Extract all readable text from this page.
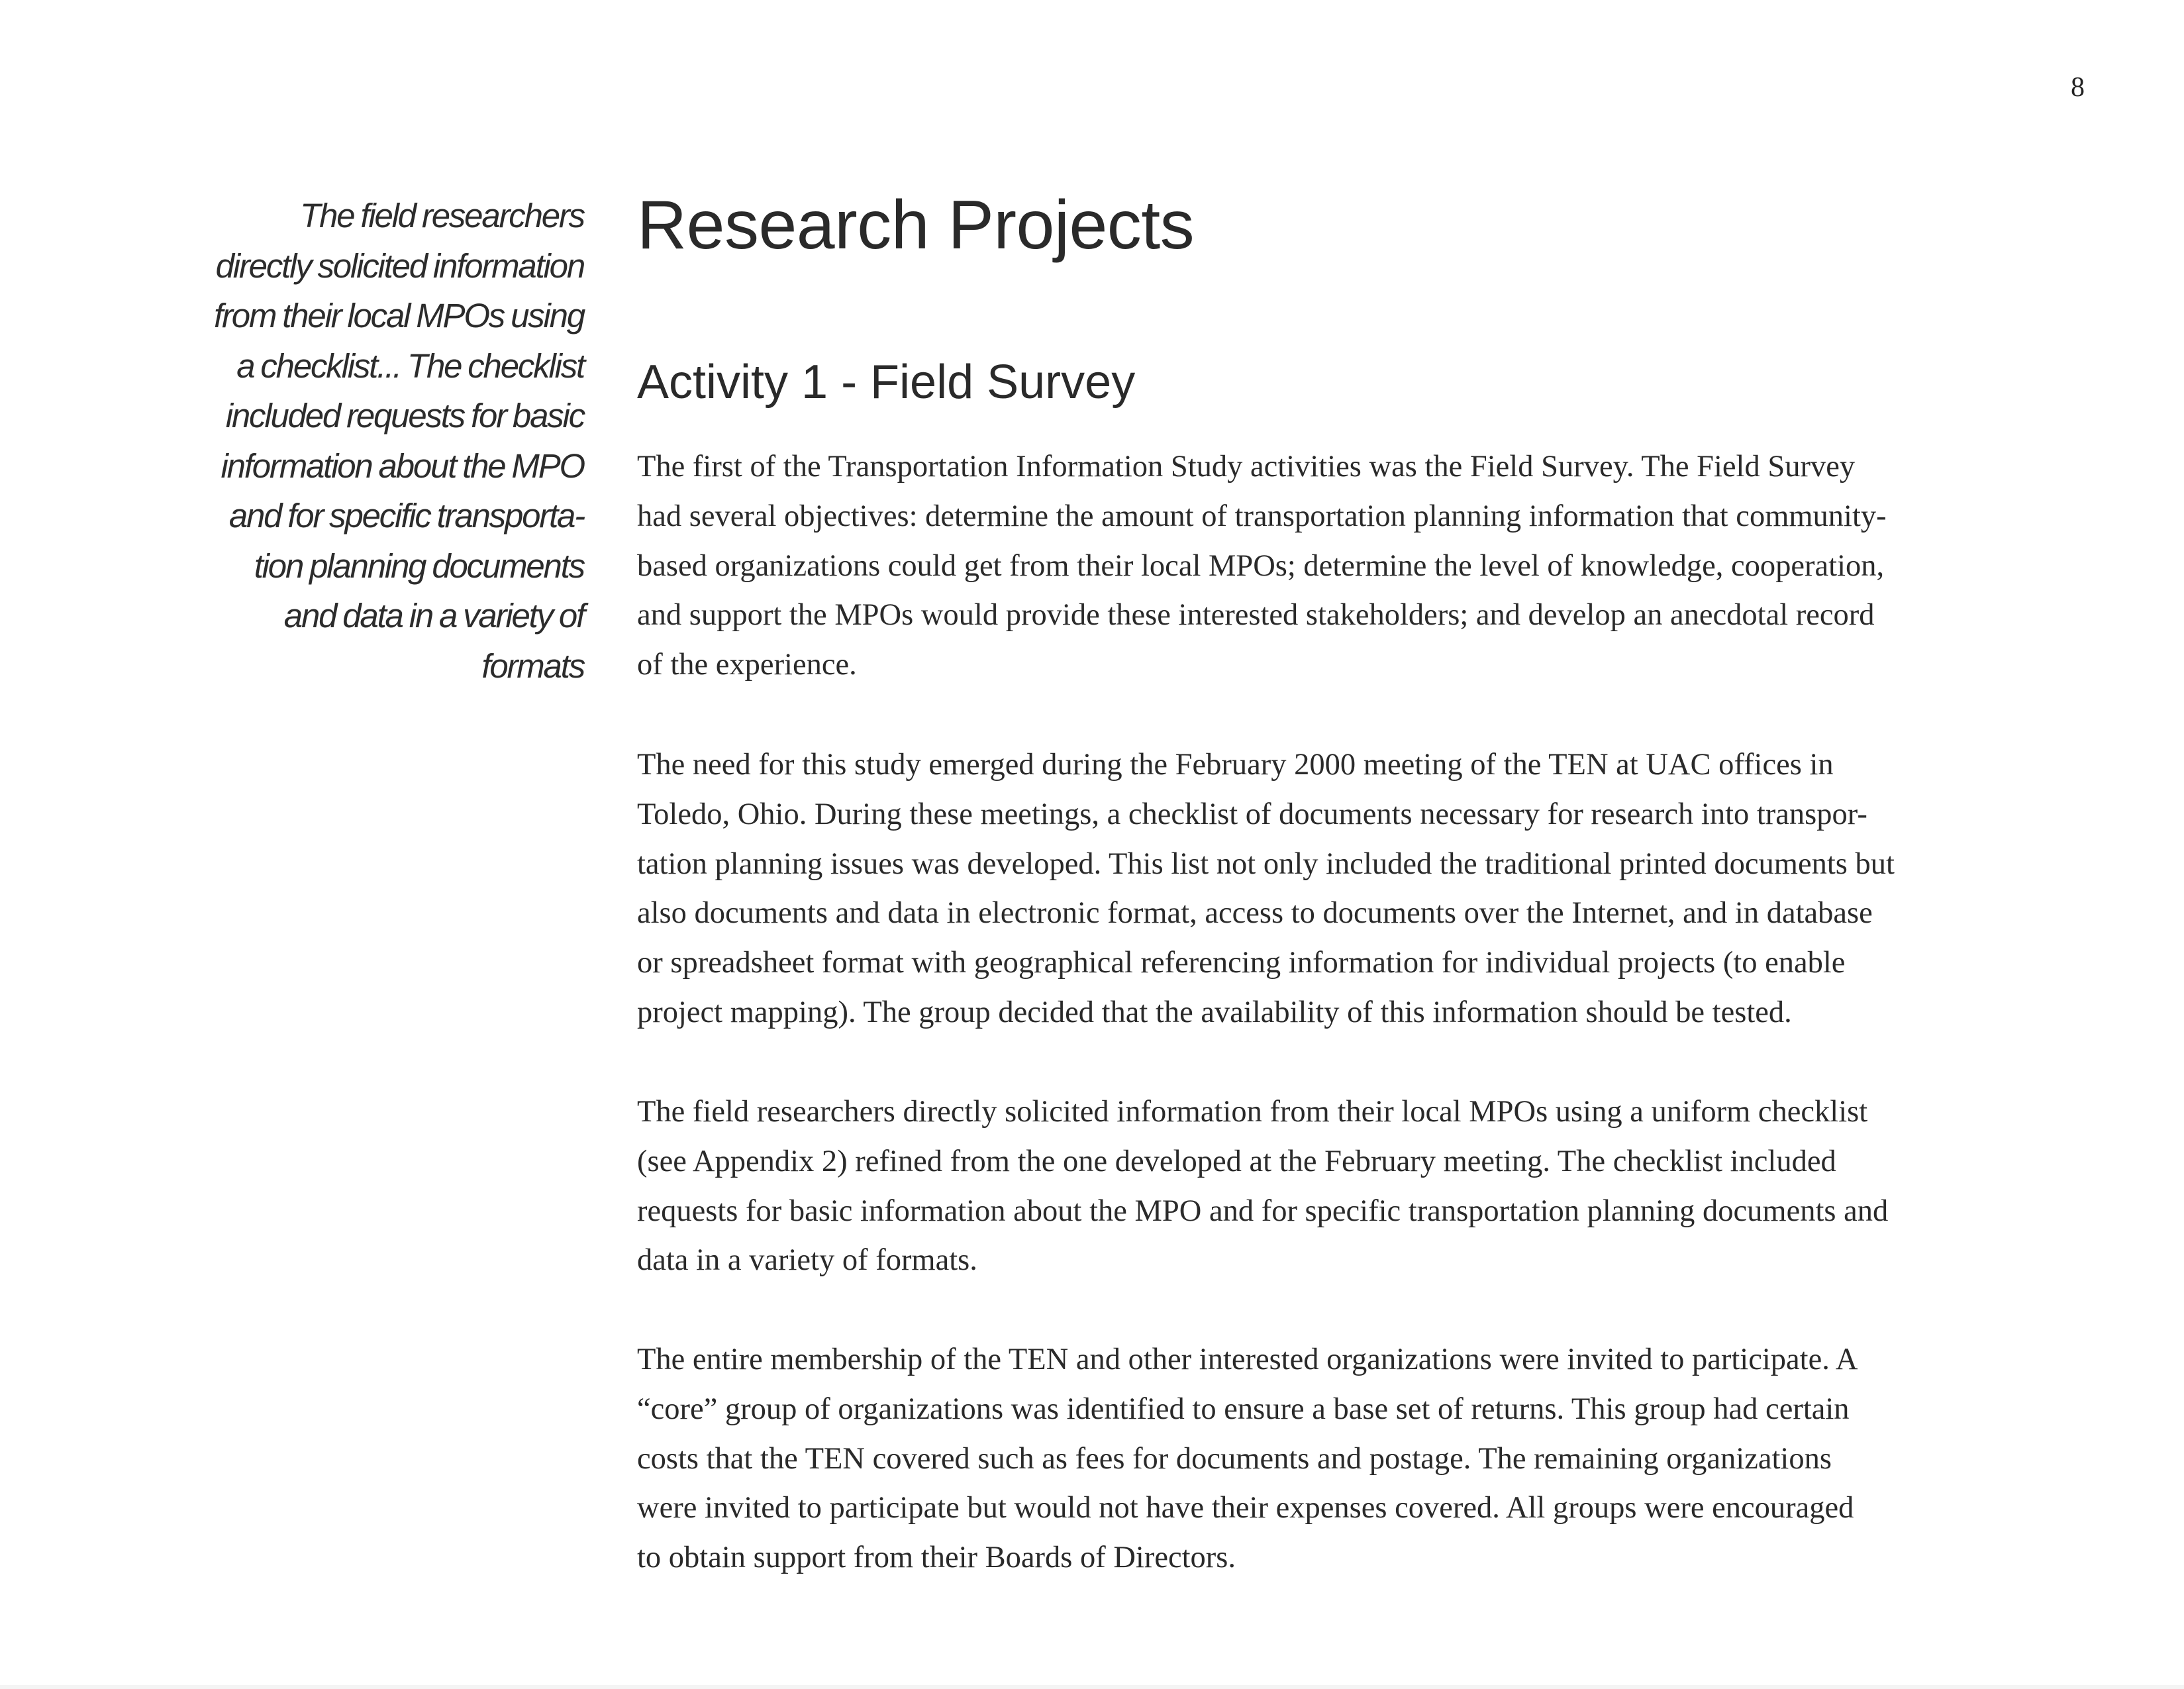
8

The field researchers
directly solicited information
from their local MPOs using
a checklist... The checklist
included requests for basic
information about the MPO
and for specific transporta-
tion planning documents
and data in a variety of
formats

Research Projects
Activity 1 - Field Survey

The first of the Transportation Information Study activities was the Field Survey. The Field Survey
had several objectives: determine the amount of transportation planning information that community-
based organizations could get from their local MPOs; determine the level of knowledge, cooperation,
and support the MPOs would provide these interested stakeholders; and develop an anecdotal record
of the experience.

The need for this study emerged during the February 2000 meeting of the TEN at UAC offices in
Toledo, Ohio. During these meetings, a checklist of documents necessary for research into transpor-
tation planning issues was developed. This list not only included the traditional printed documents but
also documents and data in electronic format, access to documents over the Internet, and in database
or spreadsheet format with geographical referencing information for individual projects (to enable
project mapping). The group decided that the availability of this information should be tested.

The field researchers directly solicited information from their local MPOs using a uniform checklist
(see Appendix 2) refined from the one developed at the February meeting. The checklist included
requests for basic information about the MPO and for specific transportation planning documents and
data in a variety of formats.

The entire membership of the TEN and other interested organizations were invited to participate. A
“core” group of organizations was identified to ensure a base set of returns. This group had certain
costs that the TEN covered such as fees for documents and postage. The remaining organizations
were invited to participate but would not have their expenses covered. All groups were encouraged
to obtain support from their Boards of Directors.
